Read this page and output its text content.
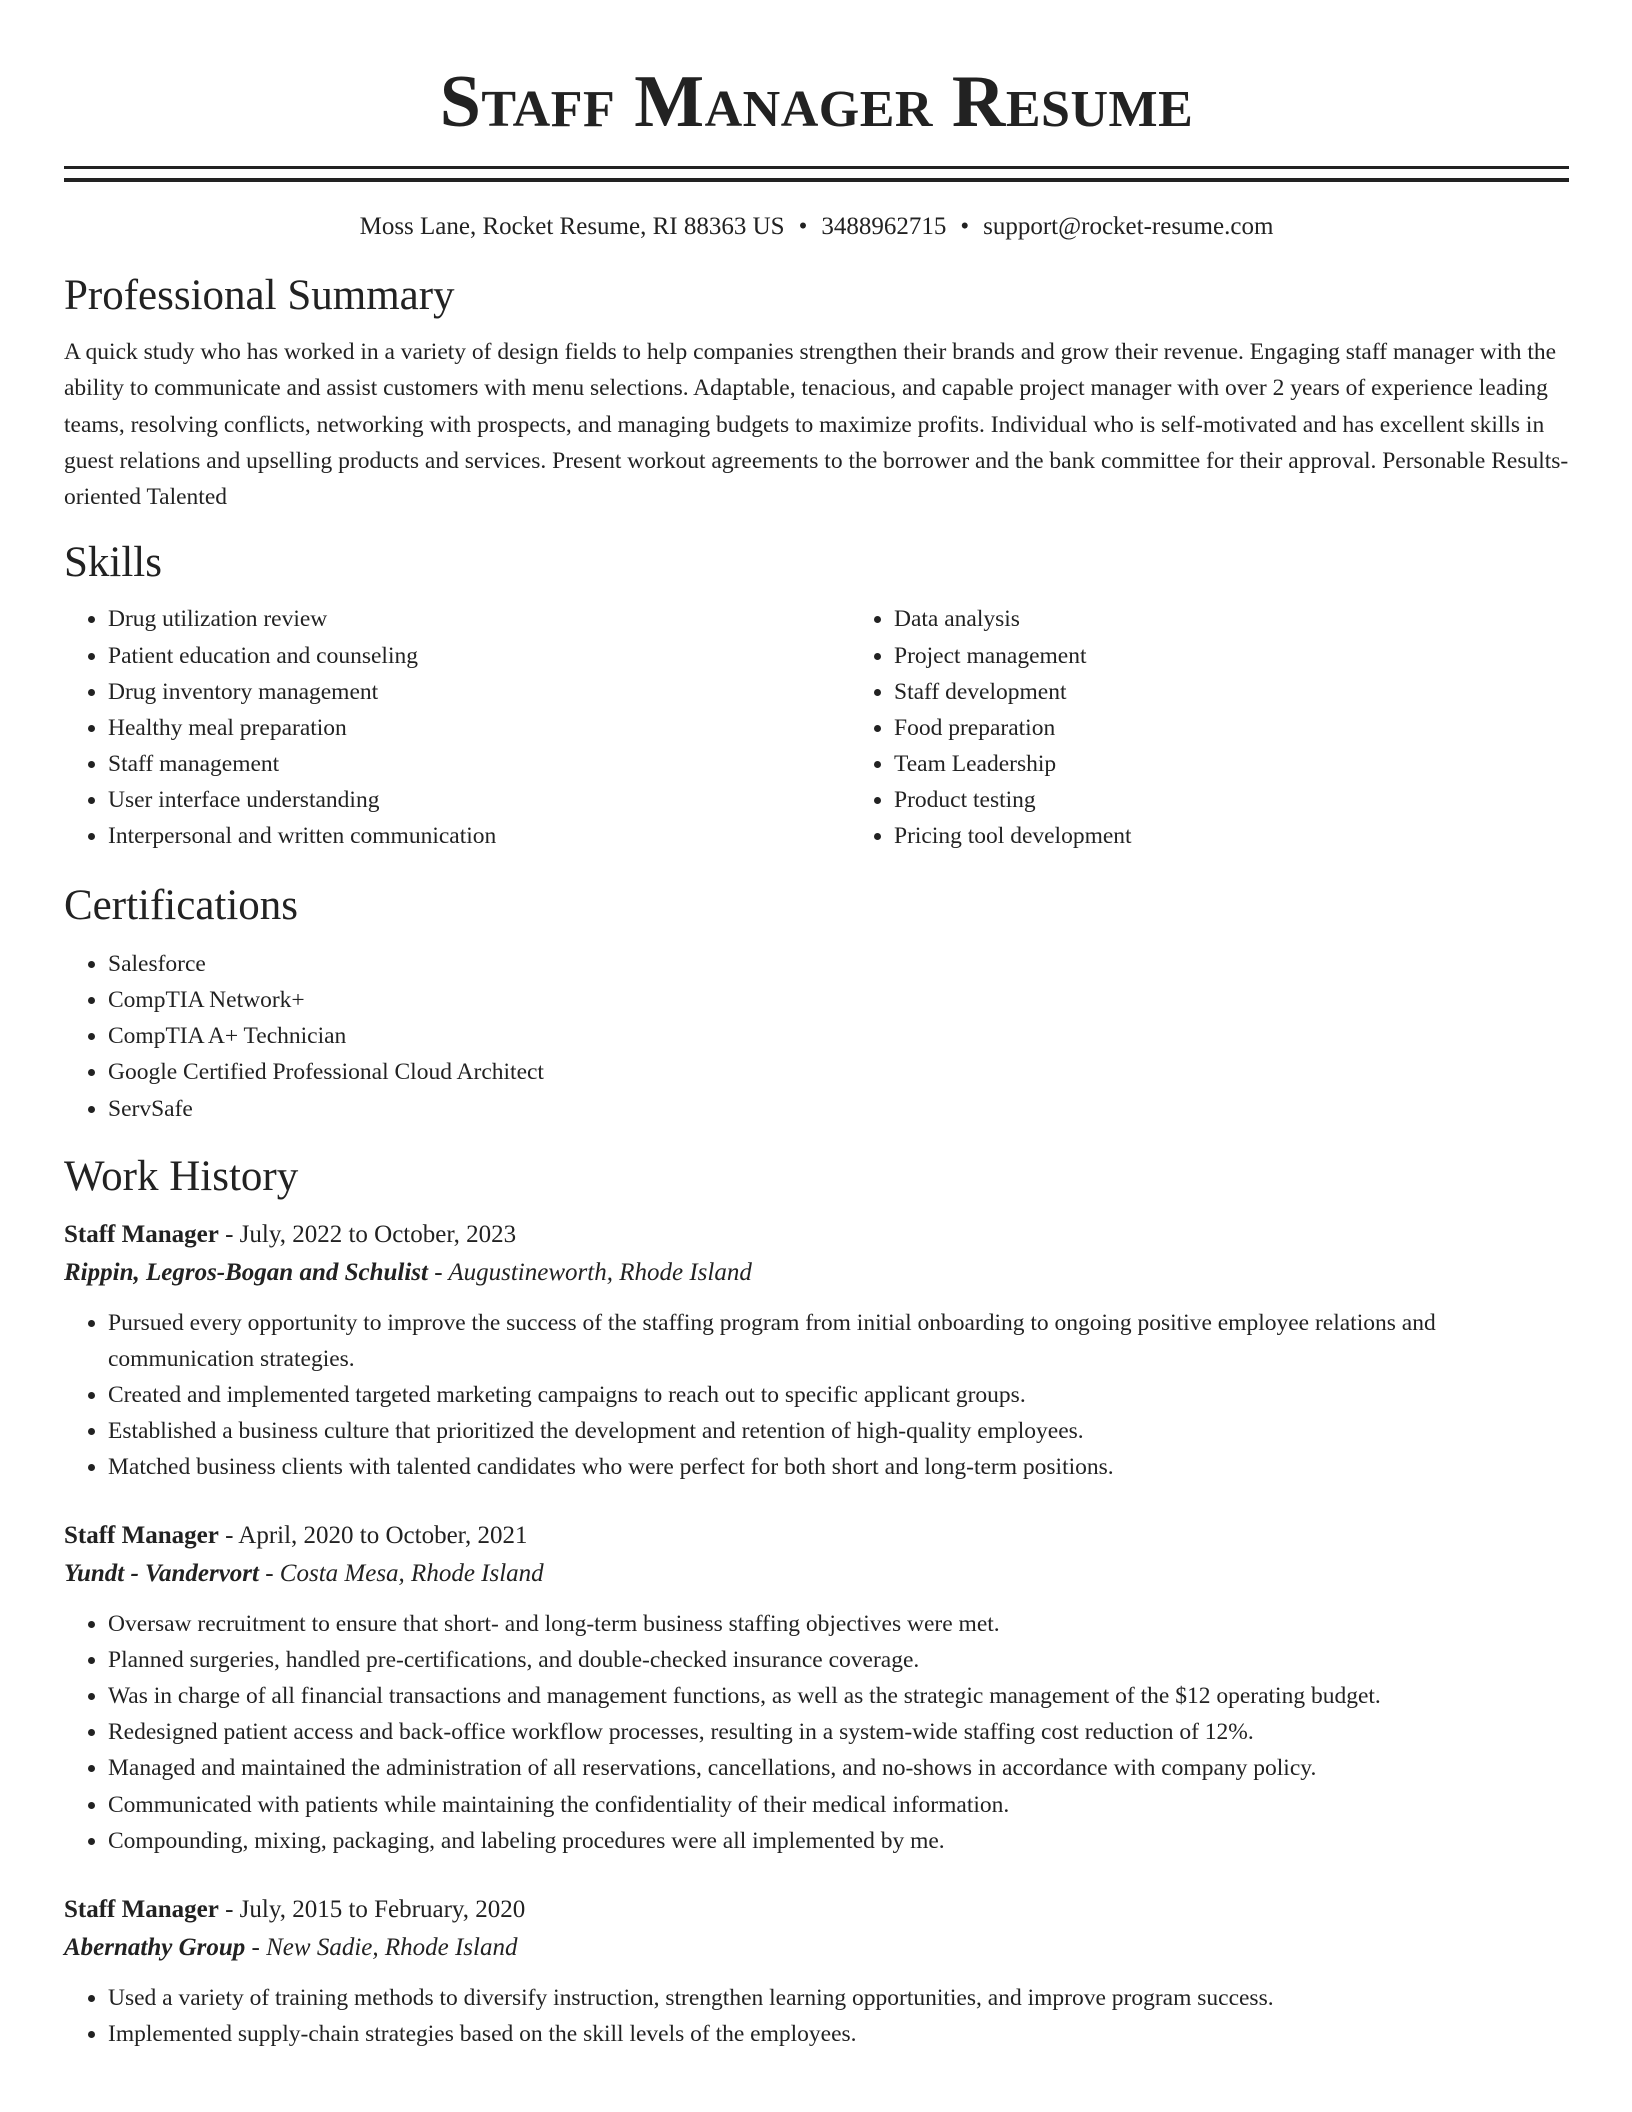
Staff Manager Resume
Moss Lane, Rocket Resume, RI 88363 US • 3488962715 • support@rocket-resume.com
Professional Summary

A quick study who has worked in a variety of design fields to help companies strengthen their brands and grow their revenue. Engaging staff manager with the ability to communicate and assist customers with menu selections. Adaptable, tenacious, and capable project manager with over 2 years of experience leading teams, resolving conflicts, networking with prospects, and managing budgets to maximize profits. Individual who is self-motivated and has excellent skills in guest relations and upselling products and services. Present workout agreements to the borrower and the bank committee for their approval. Personable Results-oriented Talented

Skills
• Drug utilization review
• Patient education and counseling
• Drug inventory management
• Healthy meal preparation
• Staff management
• User interface understanding
• Interpersonal and written communication
• Data analysis
• Project management
• Staff development
• Food preparation
• Team Leadership
• Product testing
• Pricing tool development
Certifications
• Salesforce
• CompTIA Network+
• CompTIA A+ Technician
• Google Certified Professional Cloud Architect
• ServSafe
Work History
Staff Manager - July, 2022 to October, 2023
Rippin, Legros-Bogan and Schulist - Augustineworth, Rhode Island
• Pursued every opportunity to improve the success of the staffing program from initial onboarding to ongoing positive employee relations and communication strategies.
• Created and implemented targeted marketing campaigns to reach out to specific applicant groups.
• Established a business culture that prioritized the development and retention of high-quality employees.
• Matched business clients with talented candidates who were perfect for both short and long-term positions.
Staff Manager - April, 2020 to October, 2021
Yundt - Vandervort - Costa Mesa, Rhode Island
• Oversaw recruitment to ensure that short- and long-term business staffing objectives were met.
• Planned surgeries, handled pre-certifications, and double-checked insurance coverage.
• Was in charge of all financial transactions and management functions, as well as the strategic management of the $12 operating budget.
• Redesigned patient access and back-office workflow processes, resulting in a system-wide staffing cost reduction of 12%.
• Managed and maintained the administration of all reservations, cancellations, and no-shows in accordance with company policy.
• Communicated with patients while maintaining the confidentiality of their medical information.
• Compounding, mixing, packaging, and labeling procedures were all implemented by me.
Staff Manager - July, 2015 to February, 2020
Abernathy Group - New Sadie, Rhode Island
• Used a variety of training methods to diversify instruction, strengthen learning opportunities, and improve program success.
• Implemented supply-chain strategies based on the skill levels of the employees.
